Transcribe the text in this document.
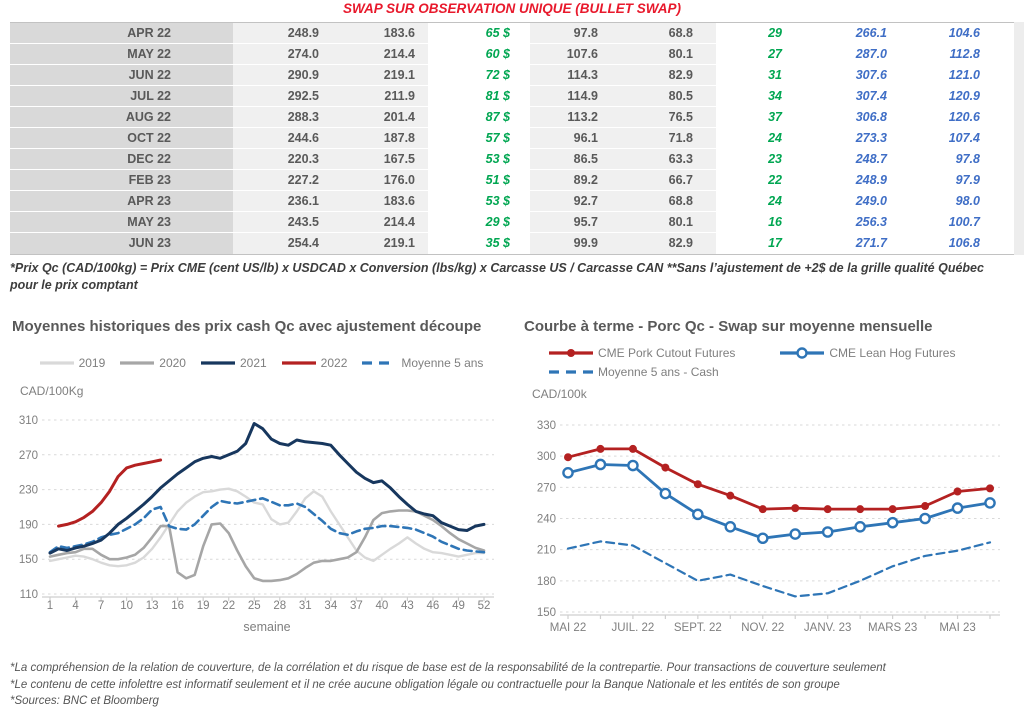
SWAP SUR OBSERVATION UNIQUE (BULLET SWAP)
APR 22	248.9	183.6	65 $	97.8	68.8	29	266.1	104.6
MAY 22	274.0	214.4	60 $	107.6	80.1	27	287.0	112.8
JUN 22	290.9	219.1	72 $	114.3	82.9	31	307.6	121.0
JUL 22	292.5	211.9	81 $	114.9	80.5	34	307.4	120.9
AUG 22	288.3	201.4	87 $	113.2	76.5	37	306.8	120.6
OCT 22	244.6	187.8	57 $	96.1	71.8	24	273.3	107.4
DEC 22	220.3	167.5	53 $	86.5	63.3	23	248.7	97.8
FEB 23	227.2	176.0	51 $	89.2	66.7	22	248.9	97.9
APR 23	236.1	183.6	53 $	92.7	68.8	24	249.0	98.0
MAY 23	243.5	214.4	29 $	95.7	80.1	16	256.3	100.7
JUN 23	254.4	219.1	35 $	99.9	82.9	17	271.7	106.8
*Prix Qc (CAD/100kg) = Prix CME (cent US/lb) x USDCAD x Conversion (lbs/kg) x Carcasse US / Carcasse CAN **Sans l’ajustement de +2$ de la grille qualité Québec pour le prix comptant
Moyennes historiques des prix cash Qc avec ajustement découpe
2019	2020	2021	2022	Moyenne 5 ans
CAD/100Kg
110
150
190
230
270
310
1 4 7 10 13 16 19 22 25 28 31 34 37 40 43 46 49 52
semaine
Courbe à terme - Porc Qc - Swap sur moyenne mensuelle
CME Pork Cutout Futures	CME Lean Hog Futures
Moyenne 5 ans - Cash
CAD/100k
150
180
210
240
270
300
330
MAI 22 JUIL. 22 SEPT. 22 NOV. 22 JANV. 23 MARS 23 MAI 23
*La compréhension de la relation de couverture, de la corrélation et du risque de base est de la responsabilité de la contrepartie. Pour transactions de couverture seulement
*Le contenu de cette infolettre est informatif seulement et il ne crée aucune obligation légale ou contractuelle pour la Banque Nationale et les entités de son groupe
*Sources: BNC et Bloomberg
